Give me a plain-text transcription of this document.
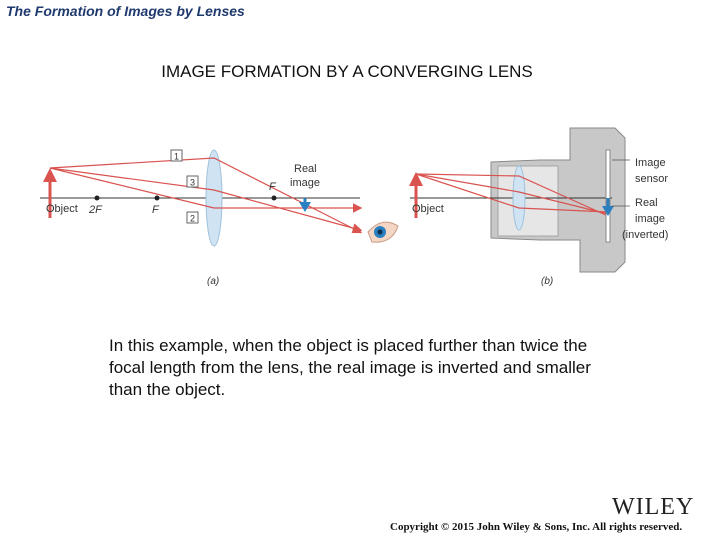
The Formation of Images by Lenses
IMAGE FORMATION BY A CONVERGING LENS
1
3
2
Object 2F	F
F
Real
image
(a)
Object
Image
sensor
Real
image
(inverted)
(b)
In this example, when the object is placed further than twice the focal length from the lens, the real image is inverted and smaller than the object.
WILEY
Copyright © 2015 John Wiley & Sons, Inc. All rights reserved.
